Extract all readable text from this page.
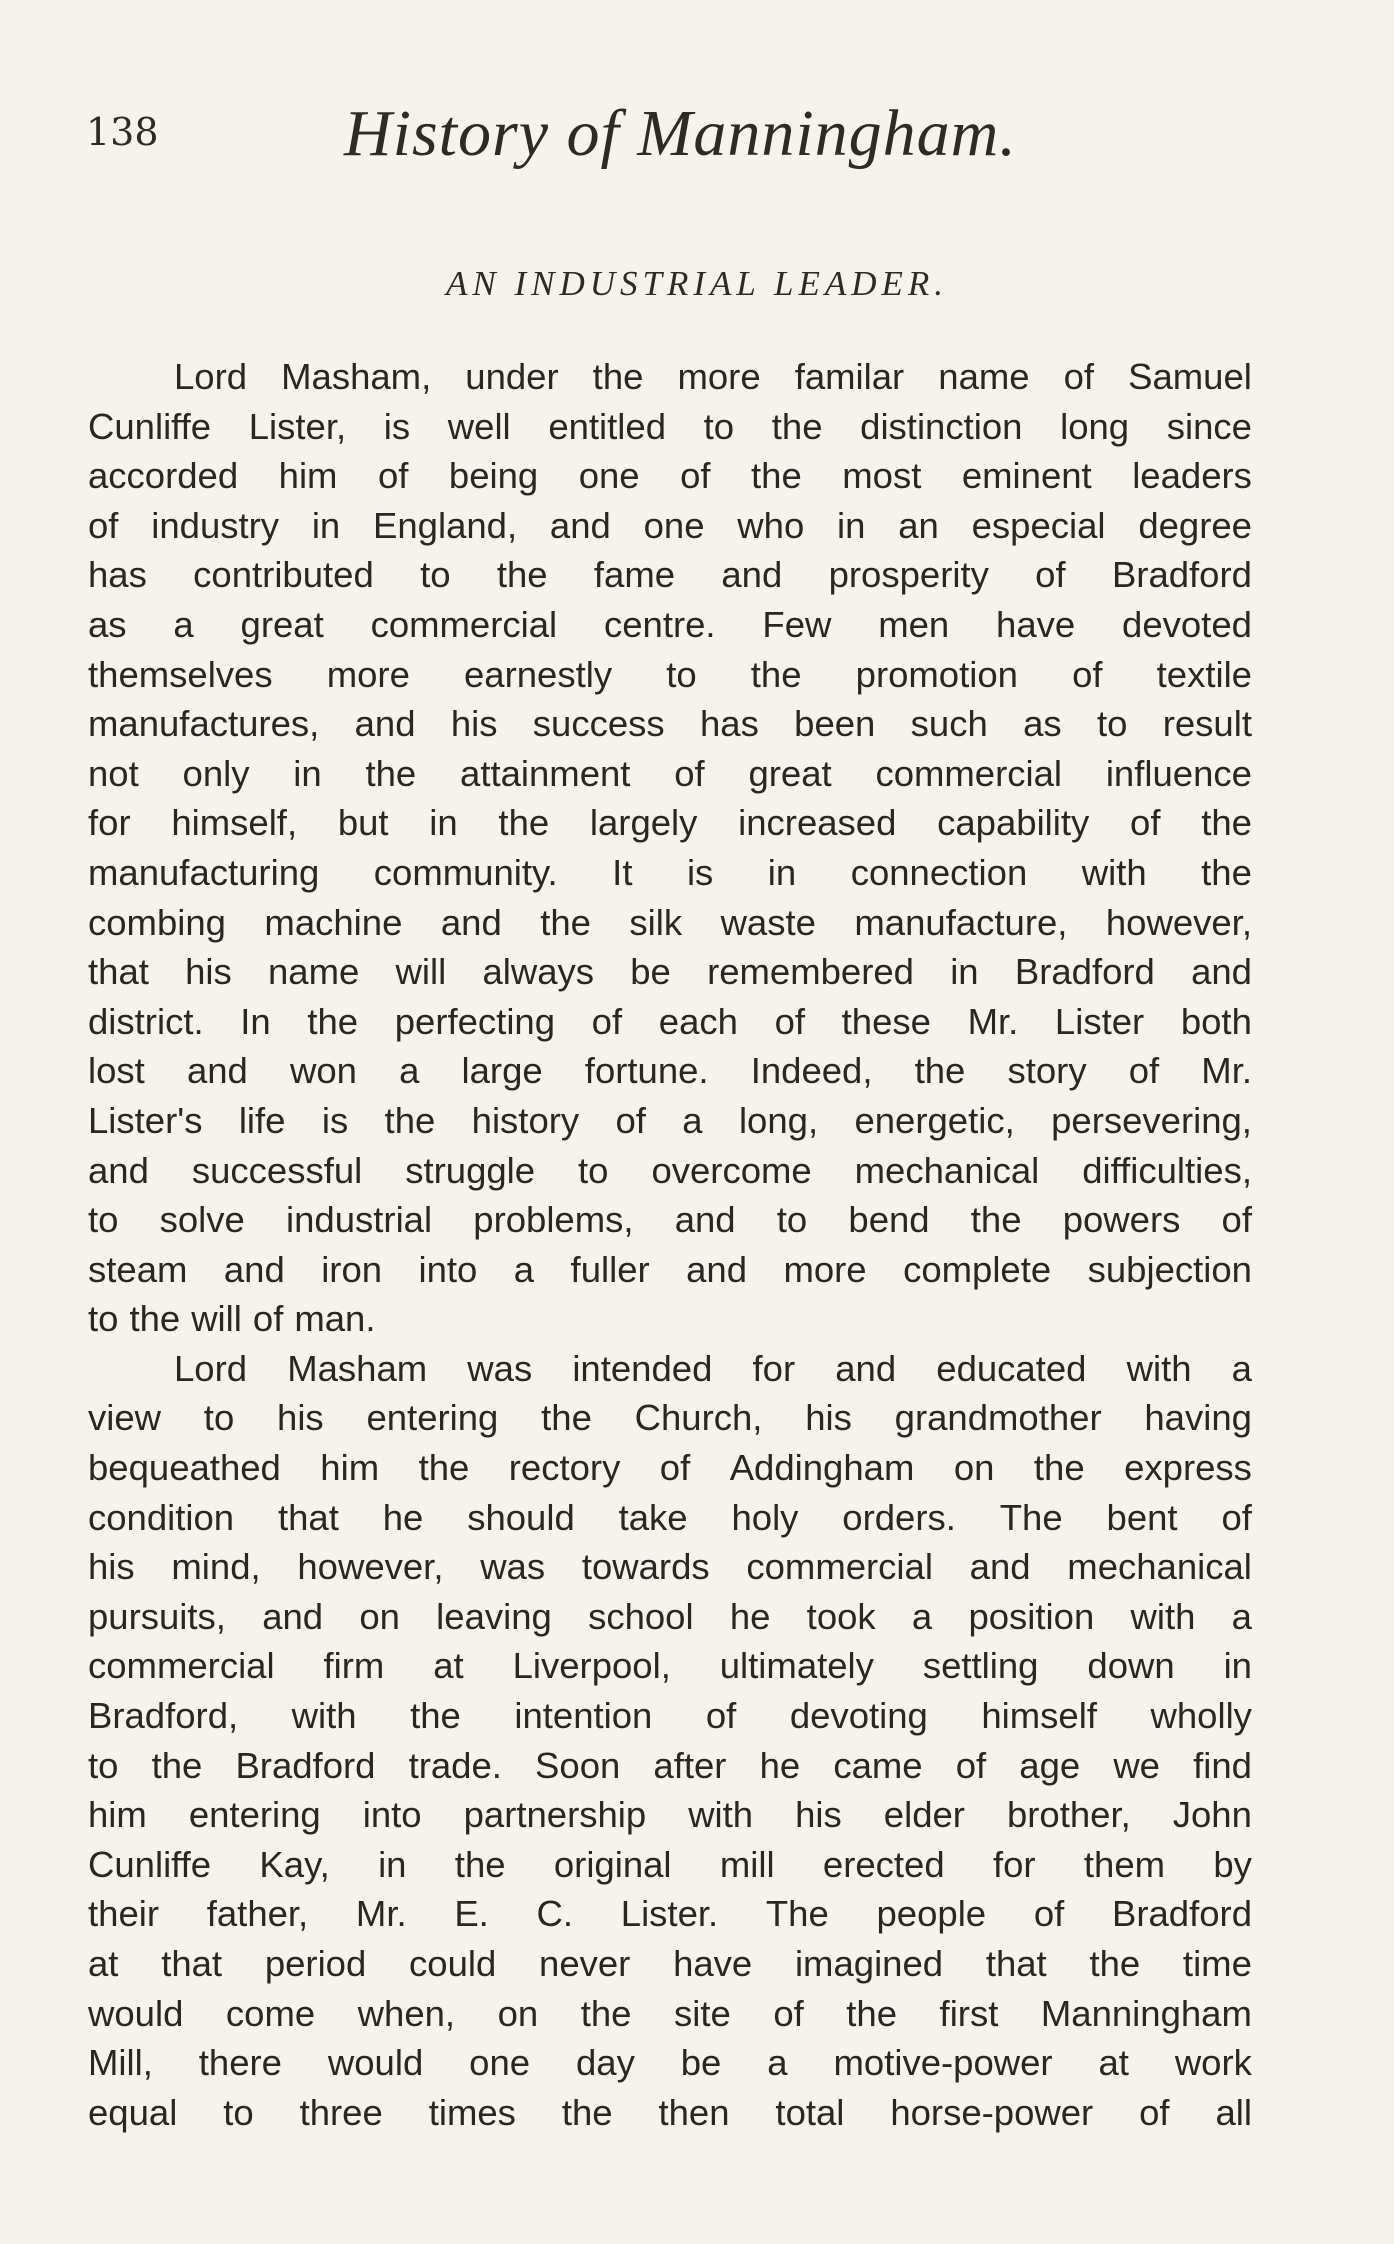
138	History of Manningham.
AN INDUSTRIAL LEADER.
Lord Masham, under the more familar name of Samuel
Cunliffe Lister, is well entitled to the distinction long since
accorded him of being one of the most eminent leaders
of industry in England, and one who in an especial degree
has contributed to the fame and prosperity of Bradford
as a great commercial centre. Few men have devoted
themselves more earnestly to the promotion of textile
manufactures, and his success has been such as to result
not only in the attainment of great commercial influence
for himself, but in the largely increased capability of the
manufacturing community. It is in connection with the
combing machine and the silk waste manufacture, however,
that his name will always be remembered in Bradford and
district. In the perfecting of each of these Mr. Lister both
lost and won a large fortune. Indeed, the story of Mr.
Lister's life is the history of a long, energetic, persevering,
and successful struggle to overcome mechanical difficulties,
to solve industrial problems, and to bend the powers of
steam and iron into a fuller and more complete subjection
to the will of man.
Lord Masham was intended for and educated with a
view to his entering the Church, his grandmother having
bequeathed him the rectory of Addingham on the express
condition that he should take holy orders. The bent of
his mind, however, was towards commercial and mechanical
pursuits, and on leaving school he took a position with a
commercial firm at Liverpool, ultimately settling down in
Bradford, with the intention of devoting himself wholly
to the Bradford trade. Soon after he came of age we find
him entering into partnership with his elder brother, John
Cunliffe Kay, in the original mill erected for them by
their father, Mr. E. C. Lister. The people of Bradford
at that period could never have imagined that the time
would come when, on the site of the first Manningham
Mill, there would one day be a motive-power at work
equal to three times the then total horse-power of all
